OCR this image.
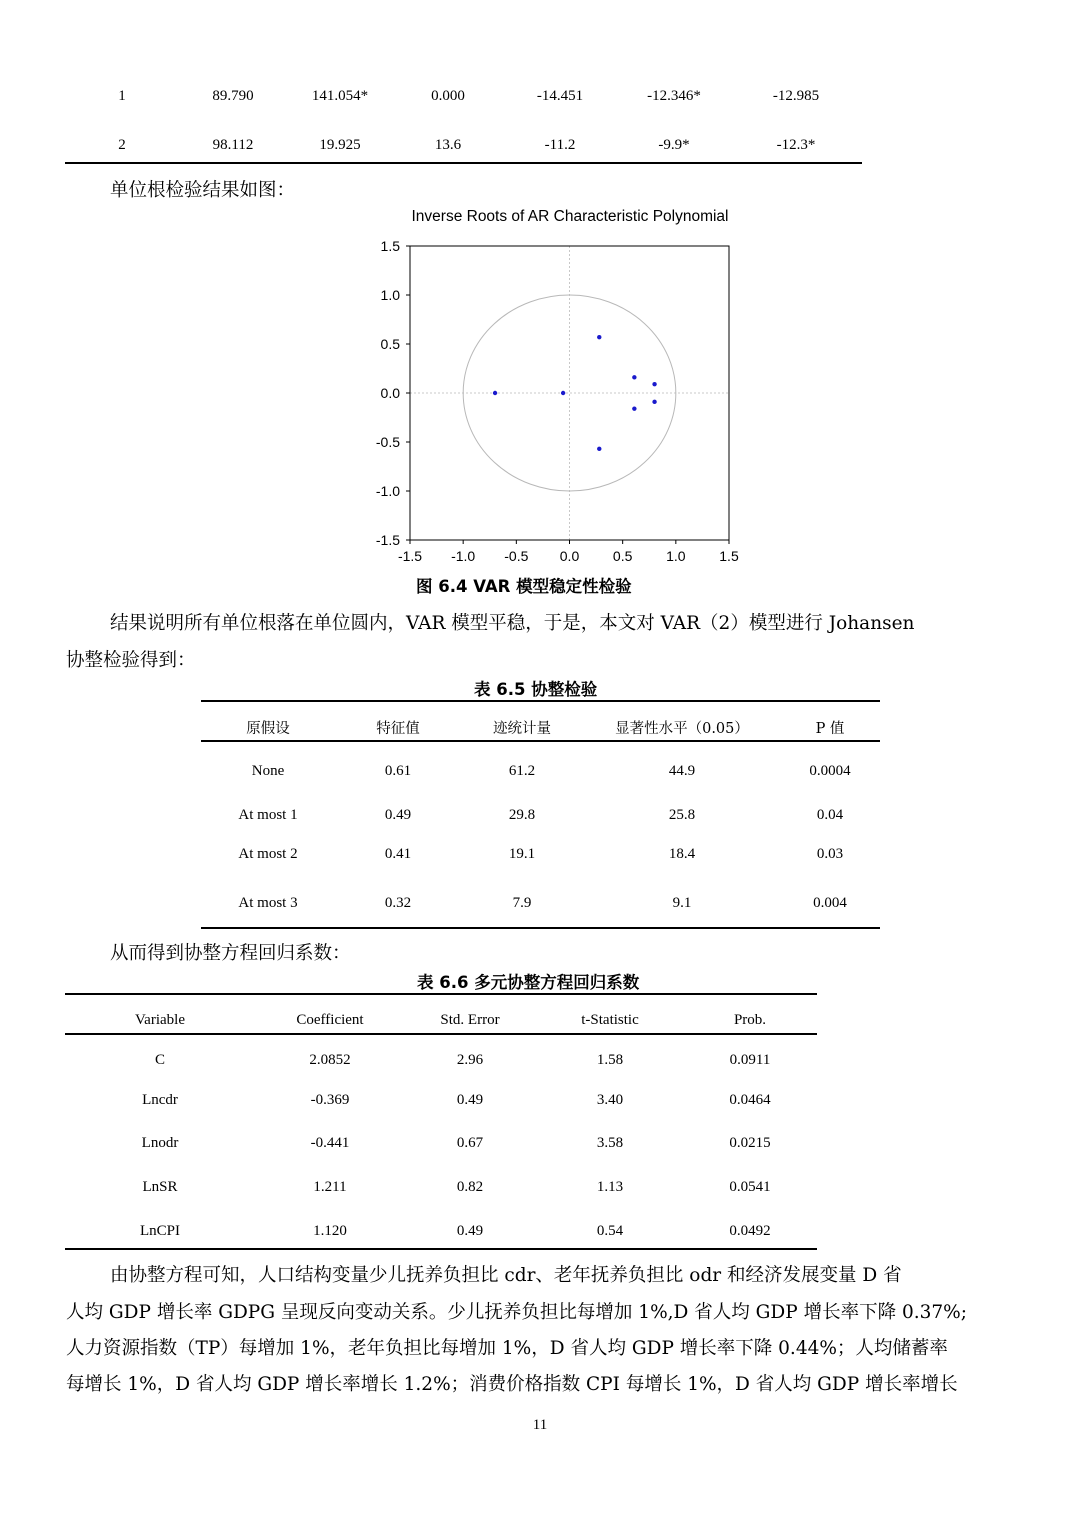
1	89.790	141.054*	0.000	-14.451	-12.346*	-12.985
2	98.112	19.925	13.6	-11.2	-9.9*	-12.3*
单位根检验结果如图：
Inverse Roots of AR Characteristic Polynomial
1.5
1.0
0.5
0.0
-0.5
-1.0
-1.5
-1.5 -1.0 -0.5 0.0 0.5 1.0 1.5
图 6.4 VAR 模型稳定性检验
结果说明所有单位根落在单位圆内，VAR 模型平稳，于是，本文对 VAR（2）模型进行 Johansen
协整检验得到：
表 6.5 协整检验
原假设	特征值	迹统计量	显著性水平（0.05）	P 值
None	0.61	61.2	44.9	0.0004
At most 1	0.49	29.8	25.8	0.04
At most 2	0.41	19.1	18.4	0.03
At most 3	0.32	7.9	9.1	0.004
从而得到协整方程回归系数：
表 6.6 多元协整方程回归系数
Variable	Coefficient	Std. Error	t-Statistic	Prob.
C	2.0852	2.96	1.58	0.0911
Lncdr	-0.369	0.49	3.40	0.0464
Lnodr	-0.441	0.67	3.58	0.0215
LnSR	1.211	0.82	1.13	0.0541
LnCPI	1.120	0.49	0.54	0.0492
由协整方程可知，人口结构变量少儿抚养负担比 cdr、老年抚养负担比 odr 和经济发展变量 D 省
人均 GDP 增长率 GDPG 呈现反向变动关系。少儿抚养负担比每增加 1%,D 省人均 GDP 增长率下降 0.37%;
人力资源指数（TP）每增加 1%，老年负担比每增加 1%，D 省人均 GDP 增长率下降 0.44%；人均储蓄率
每增长 1%，D 省人均 GDP 增长率增长 1.2%；消费价格指数 CPI 每增长 1%，D 省人均 GDP 增长率增长
11
